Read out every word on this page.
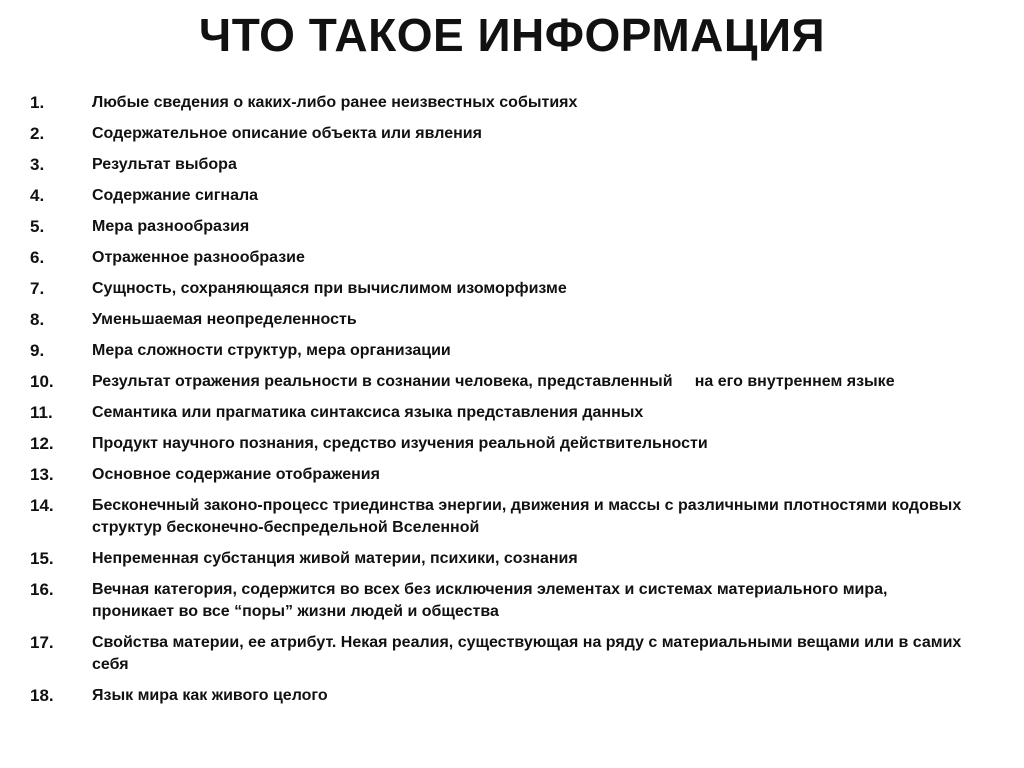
ЧТО ТАКОЕ ИНФОРМАЦИЯ
1.	Любые сведения о каких-либо ранее неизвестных событиях
2.	Содержательное описание объекта или явления
3.	Результат выбора
4.	Содержание сигнала
5.	Мера разнообразия
6.	Отраженное разнообразие
7.	Сущность, сохраняющаяся при вычислимом изоморфизме
8.	Уменьшаемая неопределенность
9.	Мера сложности структур, мера организации
10.	Результат отражения реальности в сознании человека, представленный     на его внутреннем языке
11.	Семантика или прагматика синтаксиса языка представления данных
12.	Продукт научного познания, средство изучения реальной действительности
13.	Основное содержание отображения
14.	Бесконечный законо-процесс триединства энергии, движения и массы с различными плотностями кодовых структур бесконечно-беспредельной Вселенной
15.	Непременная субстанция живой материи, психики, сознания
16.	Вечная категория, содержится во всех без исключения элементах и системах материального мира, проникает во все “поры” жизни людей и общества
17.	Свойства материи, ее атрибут. Некая реалия, существующая на ряду с материальными вещами или в самих себя
18.	Язык мира как живого целого
